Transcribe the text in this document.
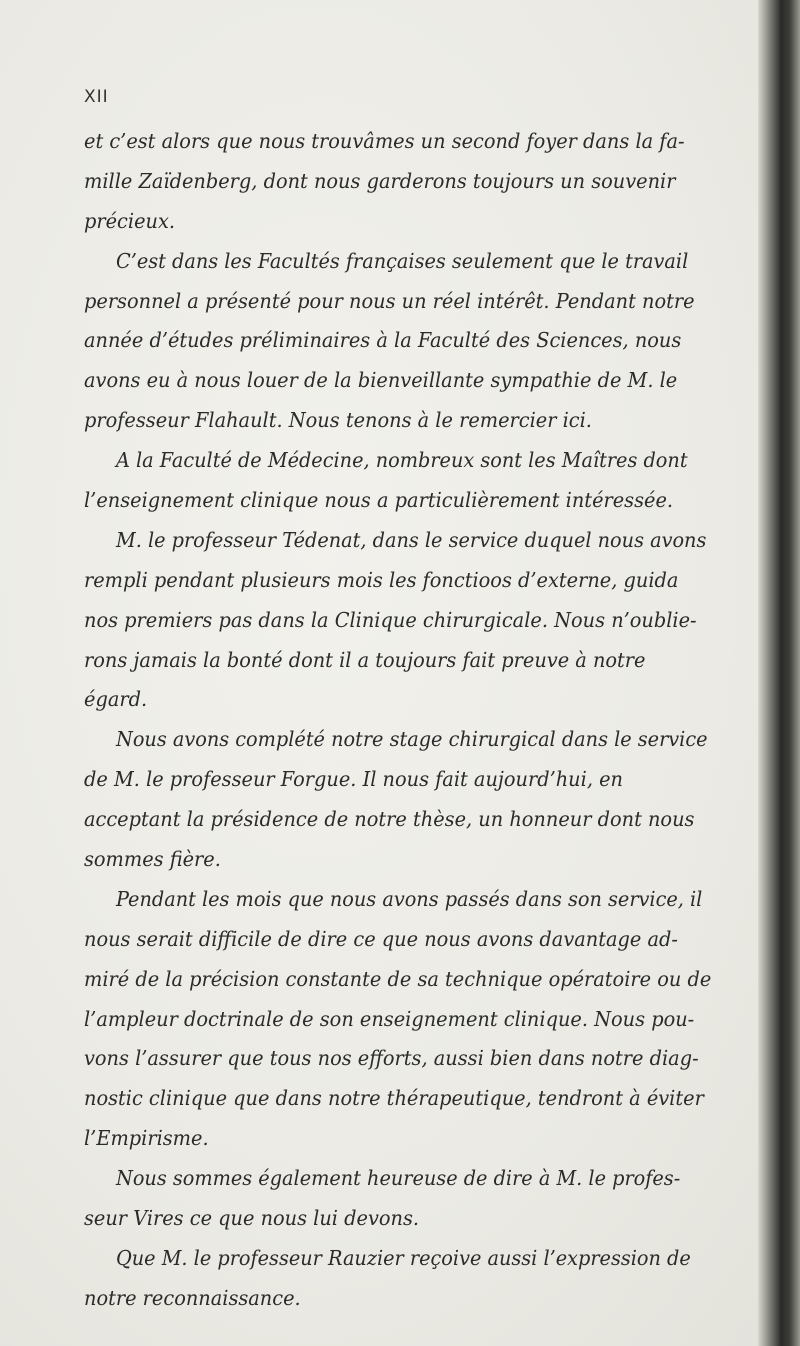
XII
et c’est alors que nous trouvâmes un second foyer dans la fa-
mille Zaïdenberg, dont nous garderons toujours un souvenir
précieux.
C’est dans les Facultés françaises seulement que le travail
personnel a présenté pour nous un réel intérêt. Pendant notre
année d’études préliminaires à la Faculté des Sciences, nous
avons eu à nous louer de la bienveillante sympathie de M. le
professeur Flahault. Nous tenons à le remercier ici.
A la Faculté de Médecine, nombreux sont les Maîtres dont
l’enseignement clinique nous a particulièrement intéressée.
M. le professeur Tédenat, dans le service duquel nous avons
rempli pendant plusieurs mois les fonctioos d’externe, guida
nos premiers pas dans la Clinique chirurgicale. Nous n’oublie-
rons jamais la bonté dont il a toujours fait preuve à notre
égard.
Nous avons complété notre stage chirurgical dans le service
de M. le professeur Forgue. Il nous fait aujourd’hui, en
acceptant la présidence de notre thèse, un honneur dont nous
sommes fière.
Pendant les mois que nous avons passés dans son service, il
nous serait difficile de dire ce que nous avons davantage ad-
miré de la précision constante de sa technique opératoire ou de
l’ampleur doctrinale de son enseignement clinique. Nous pou-
vons l’assurer que tous nos efforts, aussi bien dans notre diag-
nostic clinique que dans notre thérapeutique, tendront à éviter
l’Empirisme.
Nous sommes également heureuse de dire à M. le profes-
seur Vires ce que nous lui devons.
Que M. le professeur Rauzier reçoive aussi l’expression de
notre reconnaissance.
